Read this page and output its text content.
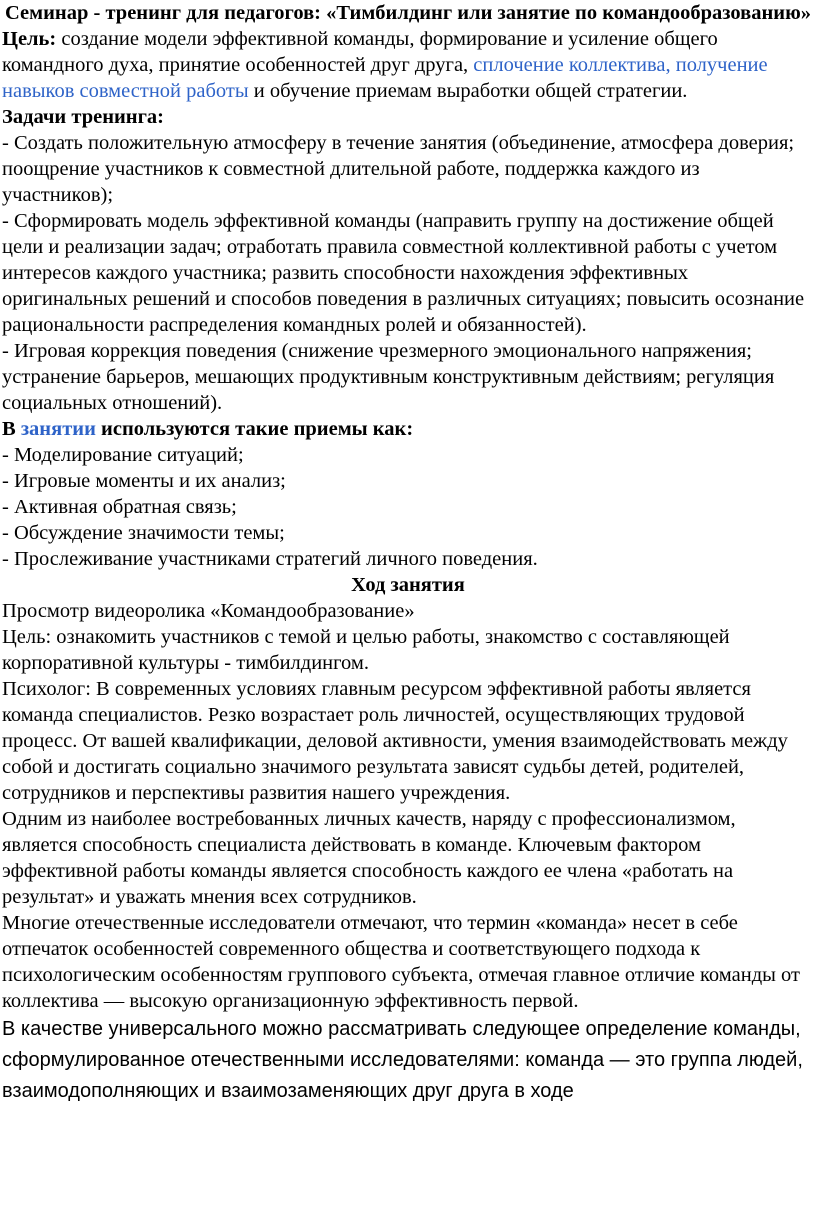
Семинар - тренинг для педагогов: «Тимбилдинг или занятие по командообразованию»

Цель: создание модели эффективной команды, формирование и усиление общего командного духа, принятие особенностей друг друга, сплочение коллектива, получение навыков совместной работы и обучение приемам выработки общей стратегии.

Задачи тренинга:

- Создать положительную атмосферу в течение занятия (объединение, атмосфера доверия; поощрение участников к совместной длительной работе, поддержка каждого из участников);

- Сформировать модель эффективной команды (направить группу на достижение общей цели и реализации задач; отработать правила совместной коллективной работы с учетом интересов каждого участника; развить способности нахождения эффективных оригинальных решений и способов поведения в различных ситуациях; повысить осознание рациональности распределения командных ролей и обязанностей).

- Игровая коррекция поведения (снижение чрезмерного эмоционального напряжения; устранение барьеров, мешающих продуктивным конструктивным действиям; регуляция социальных отношений).

В занятии используются такие приемы как:

- Моделирование ситуаций;

- Игровые моменты и их анализ;

- Активная обратная связь;

- Обсуждение значимости темы;

- Прослеживание участниками стратегий личного поведения.

Ход занятия

Просмотр видеоролика «Командообразование»

Цель: ознакомить участников с темой и целью работы, знакомство с составляющей корпоративной культуры - тимбилдингом.

Психолог: В современных условиях главным ресурсом эффективной работы является команда специалистов. Резко возрастает роль личностей, осуществляющих трудовой процесс. От вашей квалификации, деловой активности, умения взаимодействовать между собой и достигать социально значимого результата зависят судьбы детей, родителей, сотрудников и перспективы развития нашего учреждения.

Одним из наиболее востребованных личных качеств, наряду с профессионализмом, является способность специалиста действовать в команде. Ключевым фактором эффективной работы команды является способность каждого ее члена «работать на результат» и уважать мнения всех сотрудников.

Многие отечественные исследователи отмечают, что термин «команда» несет в себе отпечаток особенностей современного общества и соответствующего подхода к психологическим особенностям группового субъекта, отмечая главное отличие команды от коллектива — высокую организационную эффективность первой.

В качестве универсального можно рассматривать следующее определение команды, сформулированное отечественными исследователями: команда — это группа людей, взаимодополняющих и взаимозаменяющих друг друга в ходе
